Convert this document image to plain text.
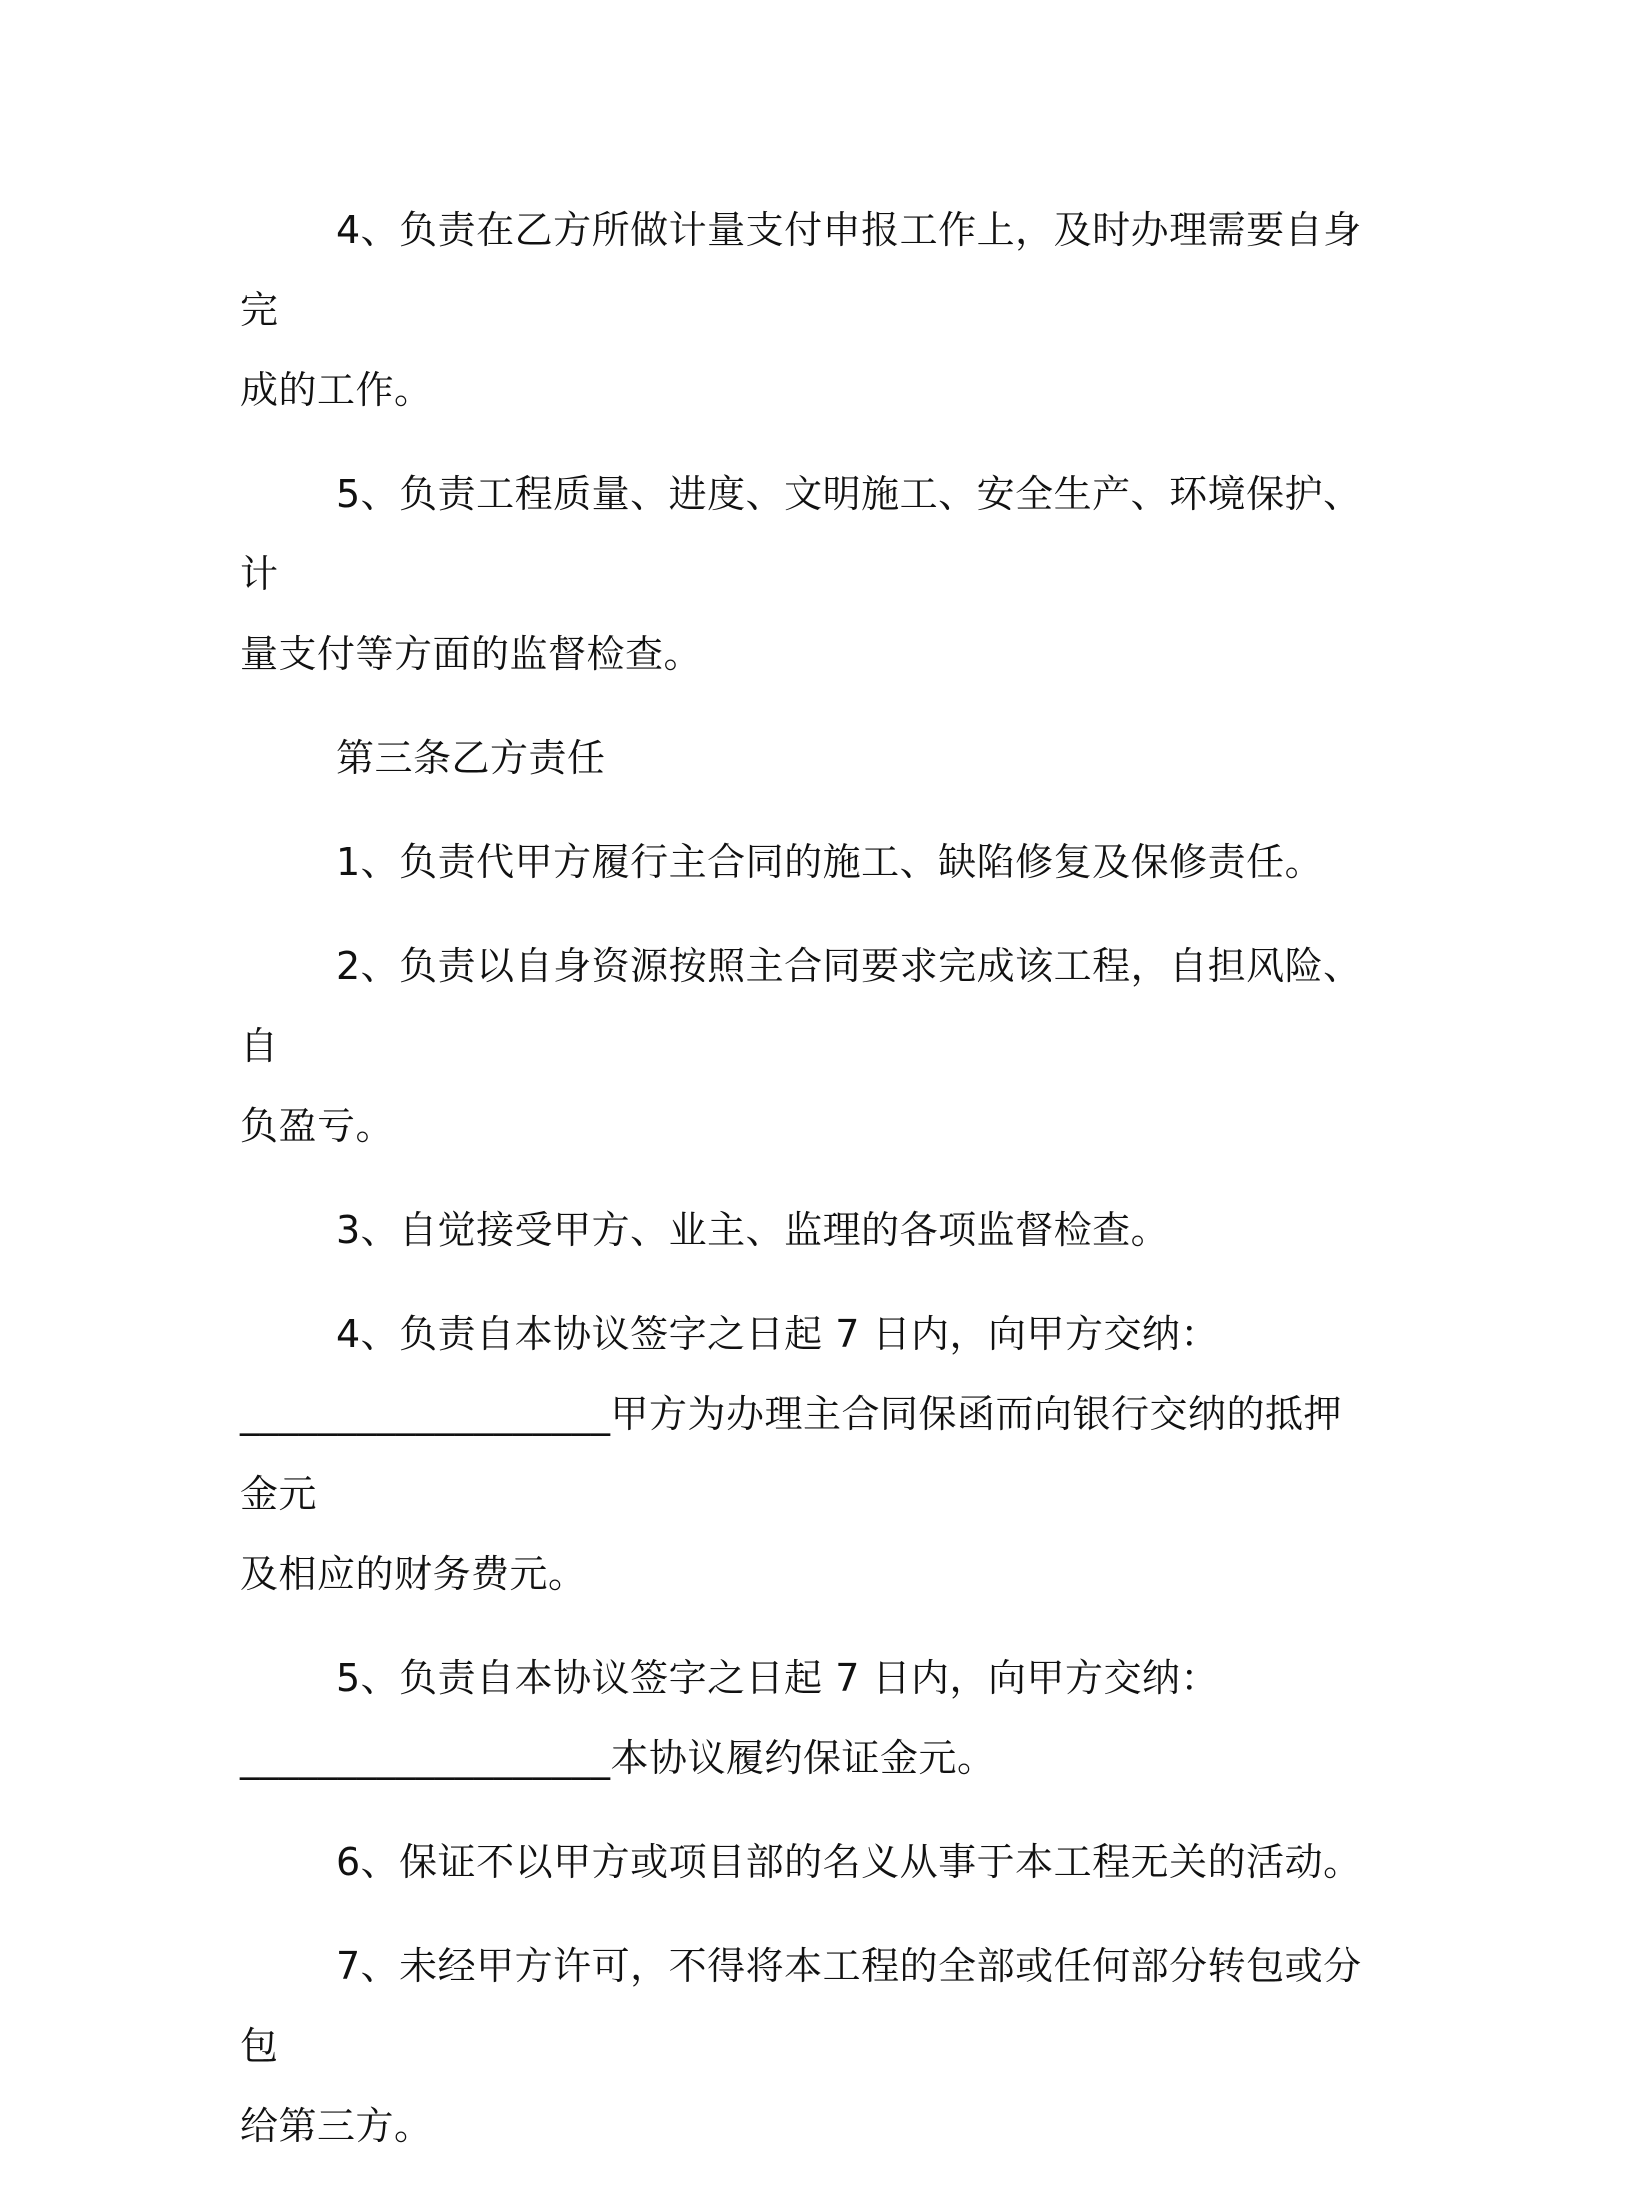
4、负责在乙方所做计量支付申报工作上，及时办理需要自身完
成的工作。

5、负责工程质量、进度、文明施工、安全生产、环境保护、计
量支付等方面的监督检查。

第三条乙方责任

1、负责代甲方履行主合同的施工、缺陷修复及保修责任。

2、负责以自身资源按照主合同要求完成该工程，自担风险、自
负盈亏。

3、自觉接受甲方、业主、监理的各项监督检查。

4、负责自本协议签字之日起 7 日内，向甲方交纳：
___________________甲方为办理主合同保函而向银行交纳的抵押金元
及相应的财务费元。

5、负责自本协议签字之日起 7 日内，向甲方交纳：
___________________本协议履约保证金元。

6、保证不以甲方或项目部的名义从事于本工程无关的活动。

7、未经甲方许可，不得将本工程的全部或任何部分转包或分包
给第三方。
